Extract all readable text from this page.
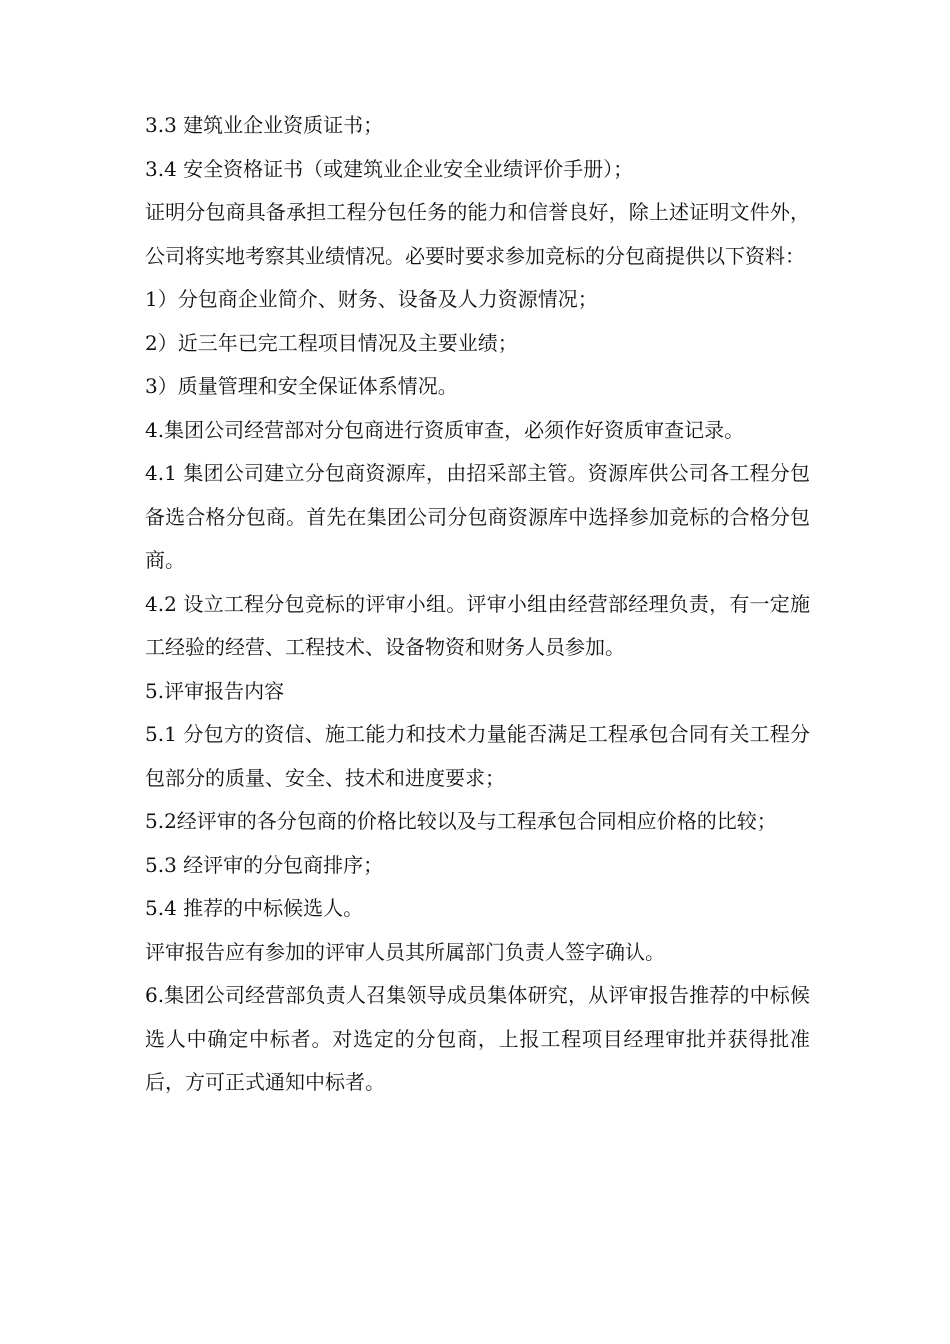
3.3 建筑业企业资质证书；

3.4 安全资格证书（或建筑业企业安全业绩评价手册）；

证明分包商具备承担工程分包任务的能力和信誉良好，除上述证明文件外，公司将实地考察其业绩情况。必要时要求参加竞标的分包商提供以下资料：

1）分包商企业简介、财务、设备及人力资源情况；

2）近三年已完工程项目情况及主要业绩；

3）质量管理和安全保证体系情况。

4.集团公司经营部对分包商进行资质审查，必须作好资质审查记录。

4.1 集团公司建立分包商资源库，由招采部主管。资源库供公司各工程分包备选合格分包商。首先在集团公司分包商资源库中选择参加竞标的合格分包商。

4.2 设立工程分包竞标的评审小组。评审小组由经营部经理负责，有一定施工经验的经营、工程技术、设备物资和财务人员参加。

5.评审报告内容

5.1 分包方的资信、施工能力和技术力量能否满足工程承包合同有关工程分包部分的质量、安全、技术和进度要求；

5.2经评审的各分包商的价格比较以及与工程承包合同相应价格的比较；

5.3 经评审的分包商排序；

5.4 推荐的中标候选人。

评审报告应有参加的评审人员其所属部门负责人签字确认。

6.集团公司经营部负责人召集领导成员集体研究，从评审报告推荐的中标候选人中确定中标者。对选定的分包商，上报工程项目经理审批并获得批准后，方可正式通知中标者。
